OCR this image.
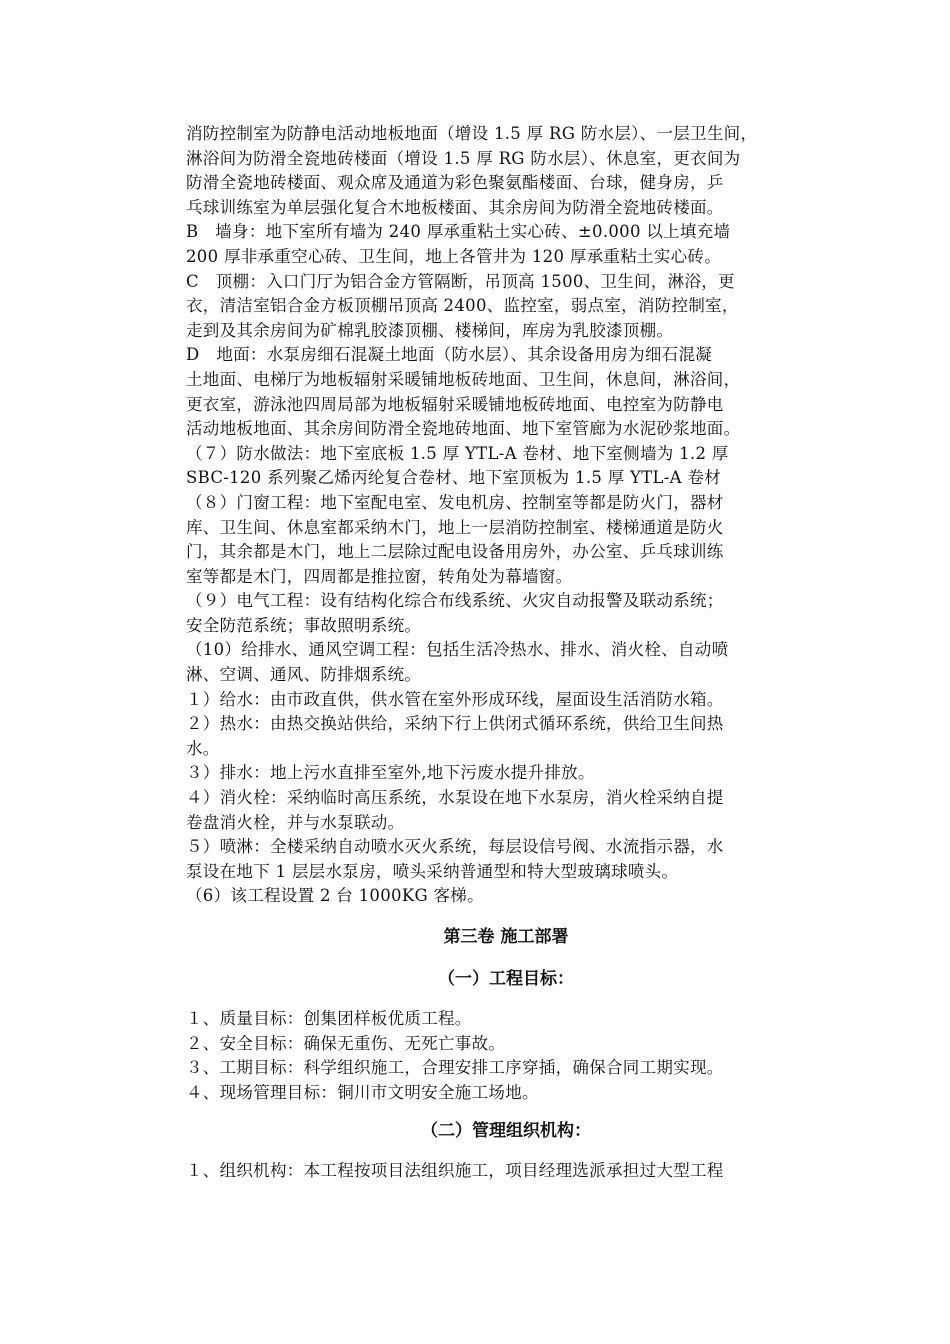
消防控制室为防静电活动地板地面（增设 1.5 厚 RG 防水层）、一层卫生间，
淋浴间为防滑全瓷地砖楼面（增设 1.5 厚 RG 防水层）、休息室，更衣间为
防滑全瓷地砖楼面、观众席及通道为彩色聚氨酯楼面、台球，健身房，乒
乓球训练室为单层强化复合木地板楼面、其余房间为防滑全瓷地砖楼面。
B　墙身：地下室所有墙为 240 厚承重粘土实心砖、±0.000 以上填充墙
200 厚非承重空心砖、卫生间，地上各管井为 120 厚承重粘土实心砖。
C　顶棚：入口门厅为铝合金方管隔断，吊顶高 1500、卫生间，淋浴，更
衣，清洁室铝合金方板顶棚吊顶高 2400、监控室，弱点室，消防控制室，
走到及其余房间为矿棉乳胶漆顶棚、楼梯间，库房为乳胶漆顶棚。
D　地面：水泵房细石混凝土地面（防水层）、其余设备用房为细石混凝
土地面、电梯厅为地板辐射采暖铺地板砖地面、卫生间，休息间，淋浴间，
更衣室，游泳池四周局部为地板辐射采暖铺地板砖地面、电控室为防静电
活动地板地面、其余房间防滑全瓷地砖地面、地下室管廊为水泥砂浆地面。
（７）防水做法：地下室底板 1.5 厚 YTL-A 卷材、地下室侧墙为 1.2 厚
SBC-120 系列聚乙烯丙纶复合卷材、地下室顶板为 1.5 厚 YTL-A 卷材
（８）门窗工程：地下室配电室、发电机房、控制室等都是防火门，器材
库、卫生间、休息室都采纳木门，地上一层消防控制室、楼梯通道是防火
门，其余都是木门，地上二层除过配电设备用房外，办公室、乒乓球训练
室等都是木门，四周都是推拉窗，转角处为幕墙窗。
（９）电气工程：设有结构化综合布线系统、火灾自动报警及联动系统；
安全防范系统；事故照明系统。
（10）给排水、通风空调工程：包括生活冷热水、排水、消火栓、自动喷
淋、空调、通风、防排烟系统。
１）给水：由市政直供，供水管在室外形成环线，屋面设生活消防水箱。
２）热水：由热交换站供给，采纳下行上供闭式循环系统，供给卫生间热
水。
３）排水：地上污水直排至室外,地下污废水提升排放。
４）消火栓：采纳临时高压系统，水泵设在地下水泵房，消火栓采纳自提
卷盘消火栓，并与水泵联动。
５）喷淋：全楼采纳自动喷水灭火系统，每层设信号阀、水流指示器，水
泵设在地下 1 层层水泵房，喷头采纳普通型和特大型玻璃球喷头。
（6）该工程设置 2 台 1000KG 客梯。
第三卷 施工部署
（一）工程目标：
１、质量目标：创集团样板优质工程。
２、安全目标：确保无重伤、无死亡事故。
３、工期目标：科学组织施工，合理安排工序穿插，确保合同工期实现。
４、现场管理目标：铜川市文明安全施工场地。
（二）管理组织机构：
１、组织机构：本工程按项目法组织施工，项目经理选派承担过大型工程
